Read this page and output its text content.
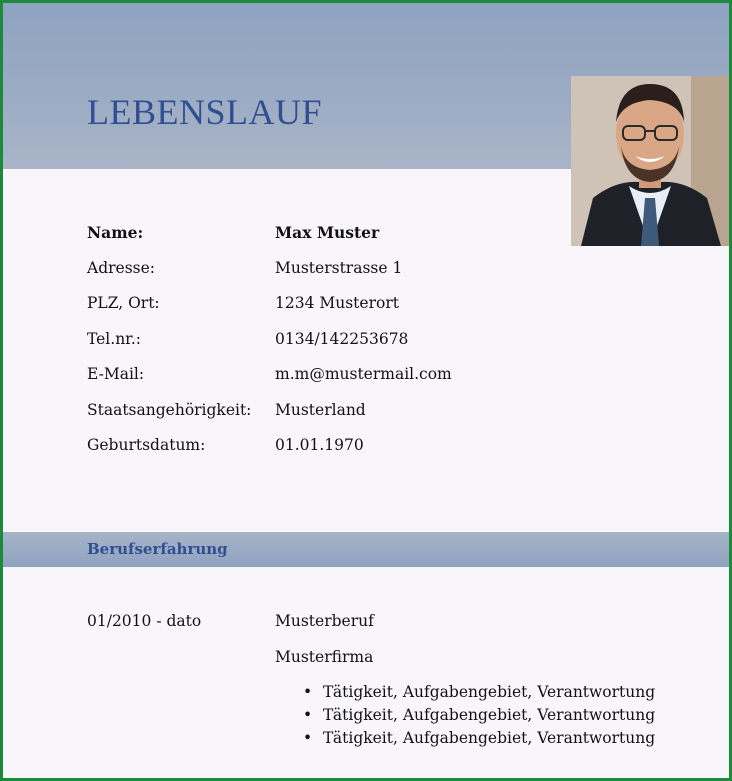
LEBENSLAUF
Name:	Max Muster
Adresse:	Musterstrasse 1
PLZ, Ort:	1234 Musterort
Tel.nr.:	0134/142253678
E-Mail:	m.m@mustermail.com
Staatsangehörigkeit: Musterland
Geburtsdatum:	01.01.1970
Berufserfahrung
01/2010 - dato	Musterberuf
Musterfirma
• Tätigkeit, Aufgabengebiet, Verantwortung
• Tätigkeit, Aufgabengebiet, Verantwortung
• Tätigkeit, Aufgabengebiet, Verantwortung
